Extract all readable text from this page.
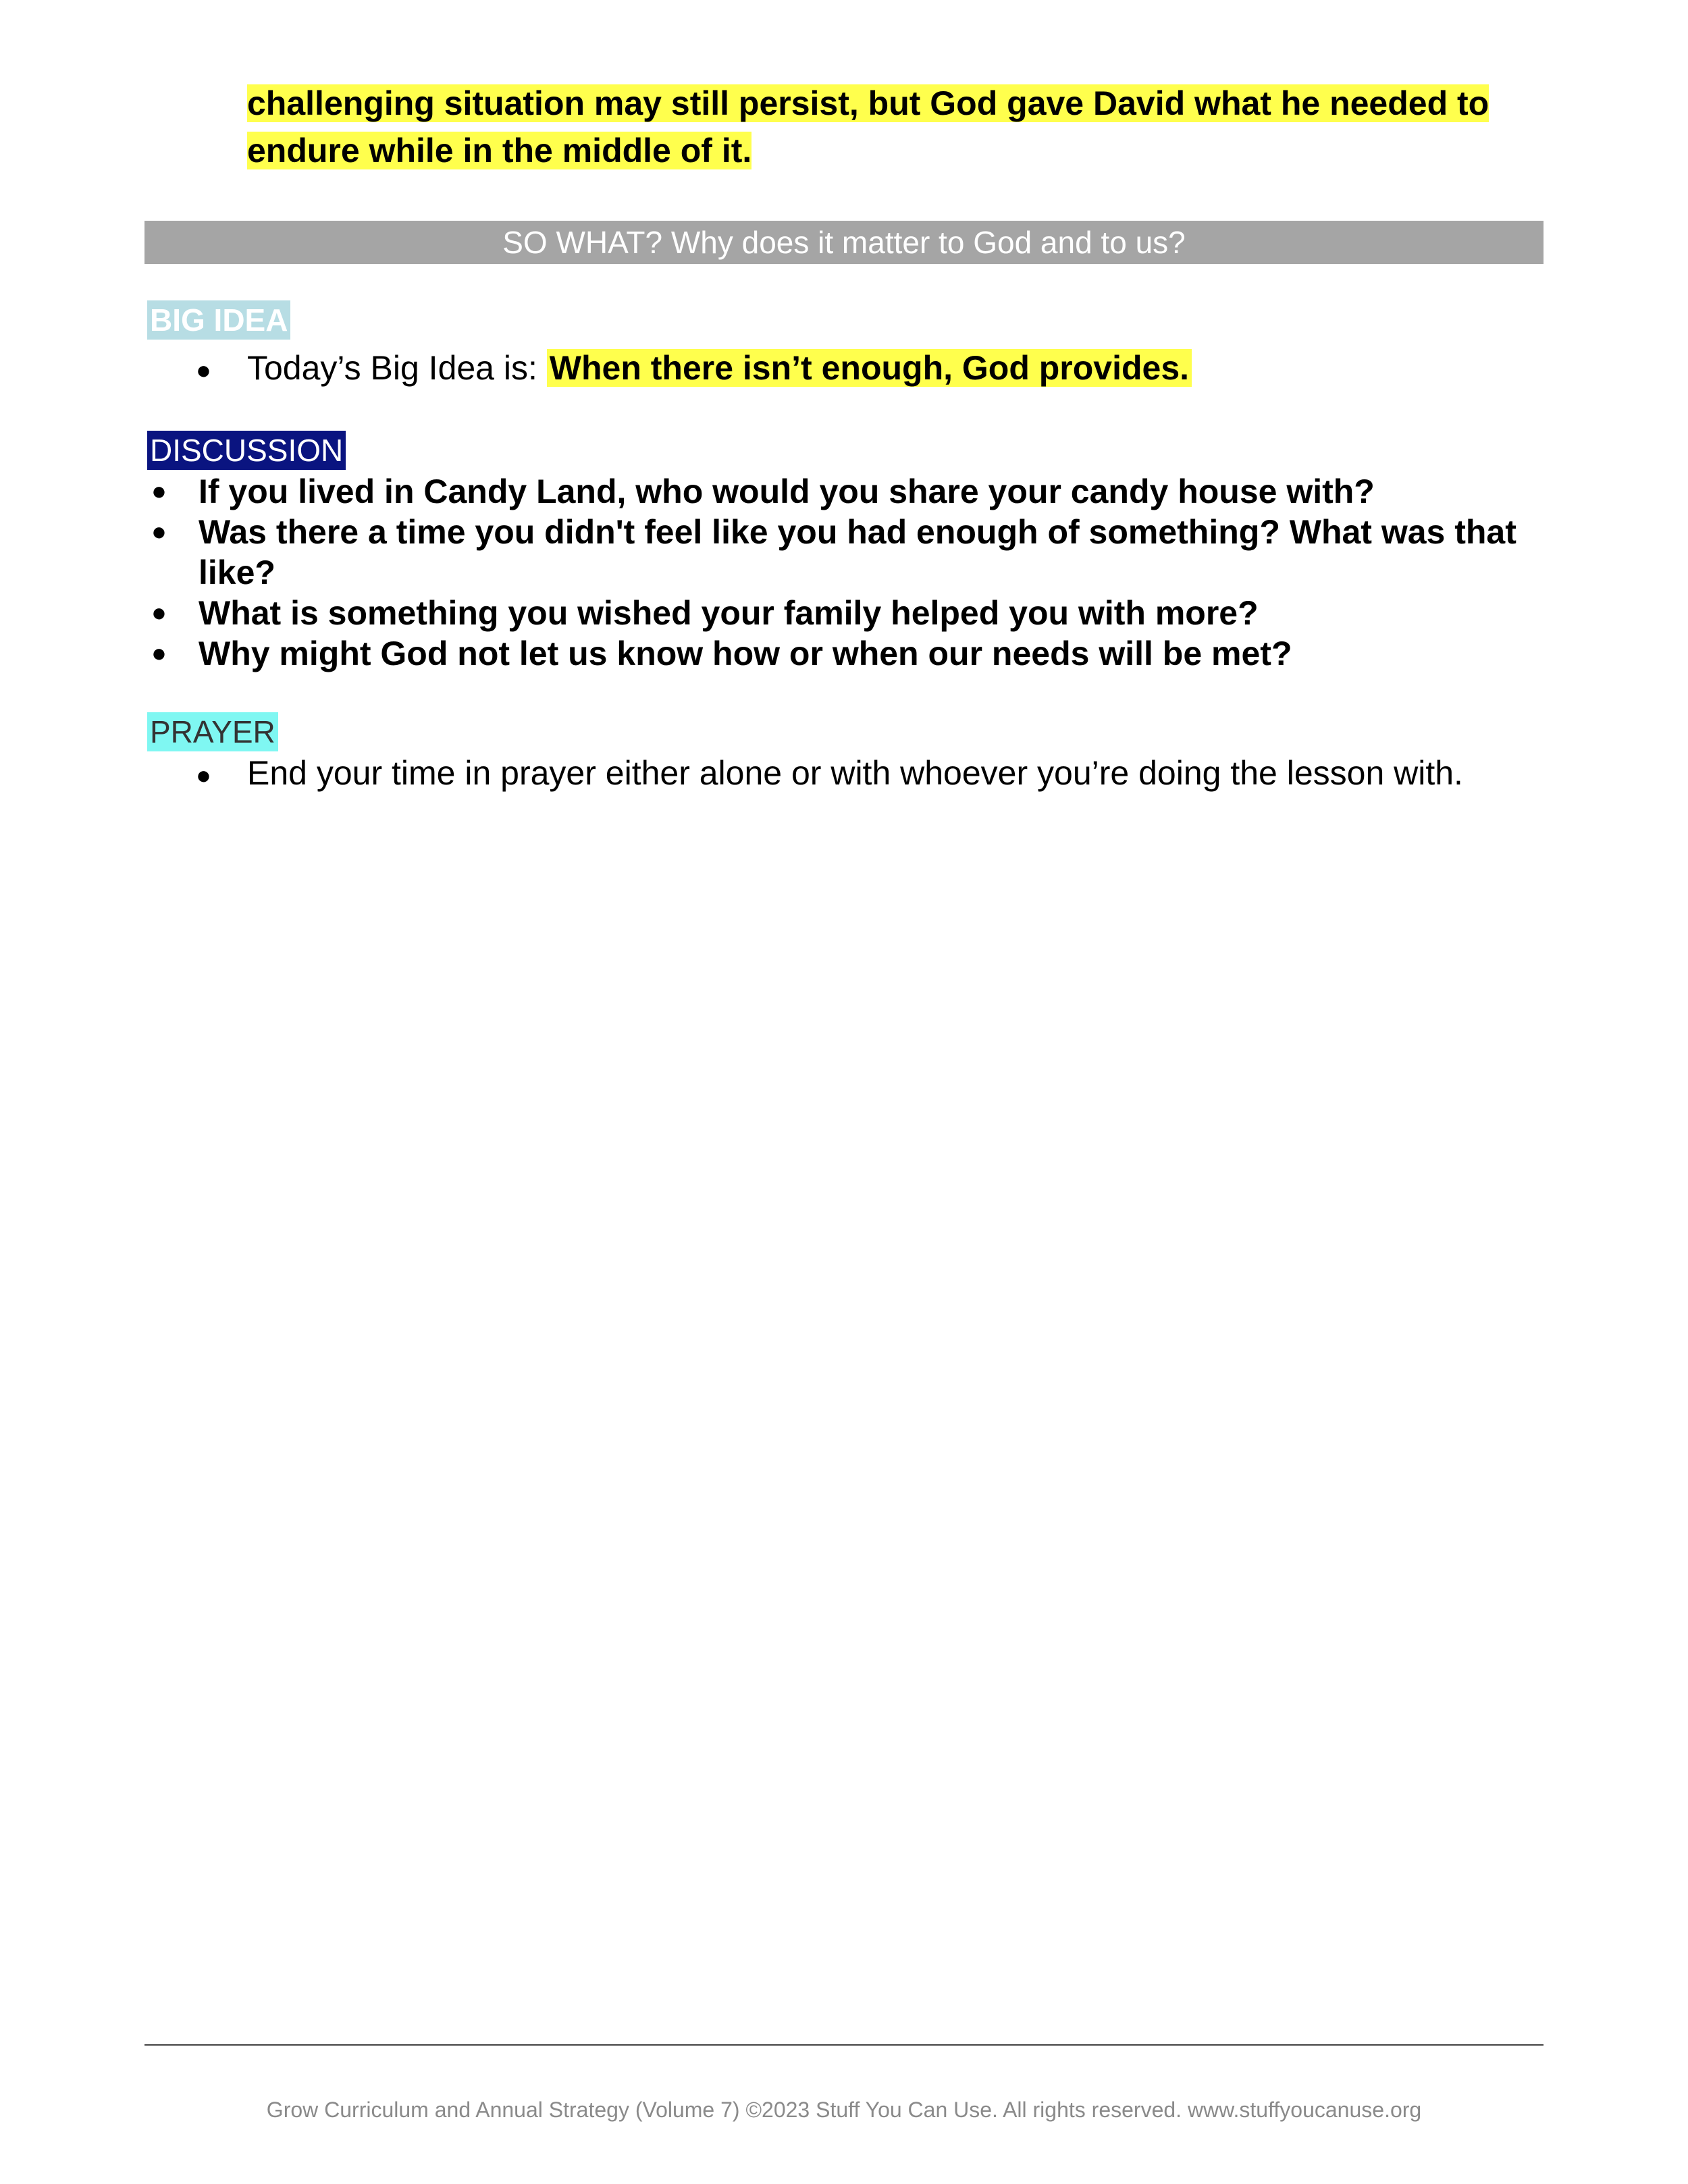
challenging situation may still persist, but God gave David what he needed to
endure while in the middle of it.
SO WHAT? Why does it matter to God and to us?
BIG IDEA
● Today’s Big Idea is: When there isn’t enough, God provides.
DISCUSSION
● If you lived in Candy Land, who would you share your candy house with?
● Was there a time you didn't feel like you had enough of something? What was that like?
● What is something you wished your family helped you with more?
● Why might God not let us know how or when our needs will be met?
PRAYER
● End your time in prayer either alone or with whoever you’re doing the lesson with.
Grow Curriculum and Annual Strategy (Volume 7) ©2023 Stuff You Can Use. All rights reserved. www.stuffyoucanuse.org
